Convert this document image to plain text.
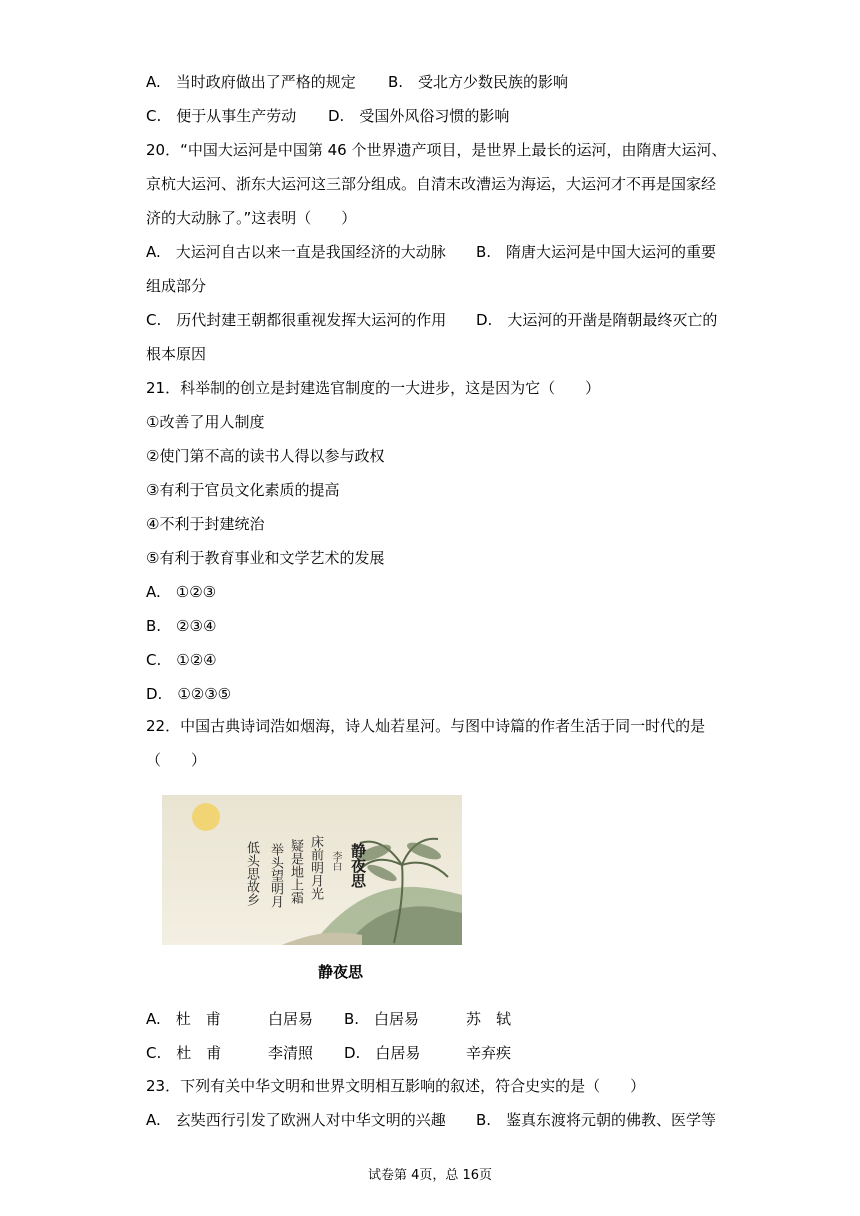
A.　当时政府做出了严格的规定 B.　受北方少数民族的影响
C.　便于从事生产劳动 D.　受国外风俗习惯的影响
20．“中国大运河是中国第 46 个世界遗产项目，是世界上最长的运河，由隋唐大运河、
京杭大运河、浙东大运河这三部分组成。自清末改漕运为海运，大运河才不再是国家经
济的大动脉了。”这表明（　　）
A.　大运河自古以来一直是我国经济的大动脉 B.　隋唐大运河是中国大运河的重要
组成部分
C.　历代封建王朝都很重视发挥大运河的作用 D.　大运河的开凿是隋朝最终灭亡的
根本原因
21．科举制的创立是封建选官制度的一大进步，这是因为它（　　）
①改善了用人制度
②使门第不高的读书人得以参与政权
③有利于官员文化素质的提高
④不利于封建统治
⑤有利于教育事业和文学艺术的发展
A.　①②③
B.　②③④
C.　①②④
D.　①②③⑤
22．中国古典诗词浩如烟海，诗人灿若星河。与图中诗篇的作者生活于同一时代的是
（　　）
静夜思
李白
床前明月光
疑是地上霜
举头望明月
低头思故乡
静夜思
A.　杜　甫	白居易 B.　白居易	苏　轼
C.　杜　甫	李清照 D.　白居易	辛弃疾
23．下列有关中华文明和世界文明相互影响的叙述，符合史实的是（　　）
A.　玄奘西行引发了欧洲人对中华文明的兴趣 B.　鉴真东渡将元朝的佛教、医学等
试卷第 4页，总 16页
